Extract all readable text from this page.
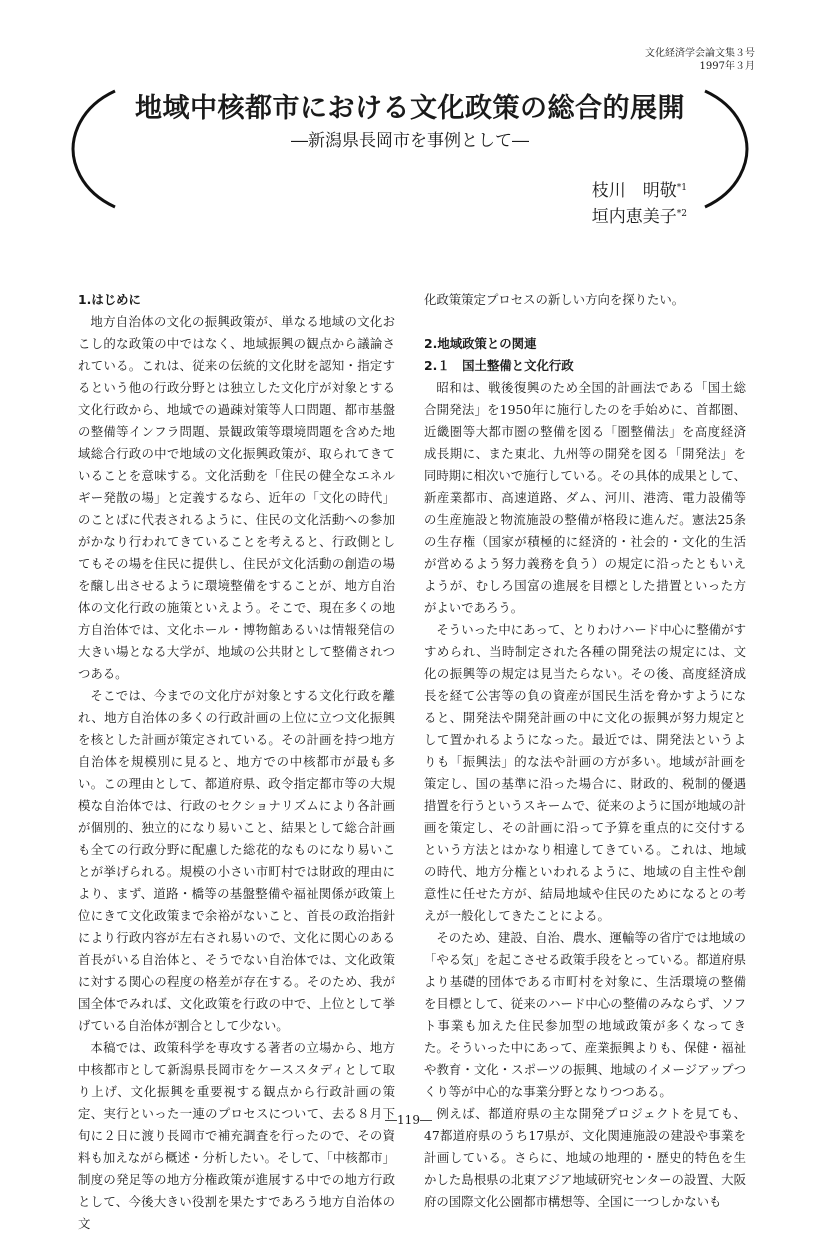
文化経済学会論文集３号
1997年３月
地域中核都市における文化政策の総合的展開
―新潟県長岡市を事例として―
枝川　明敬$^{*1}$
垣内恵美子$^{*2}$
1.はじめに

地方自治体の文化の振興政策が、単なる地域の文化おこし的な政策の中ではなく、地域振興の観点から議論されている。これは、従来の伝統的文化財を認知・指定するという他の行政分野とは独立した文化庁が対象とする文化行政から、地域での過疎対策等人口問題、都市基盤の整備等インフラ問題、景観政策等環境問題を含めた地域総合行政の中で地域の文化振興政策が、取られてきていることを意味する。文化活動を「住民の健全なエネルギー発散の場」と定義するなら、近年の「文化の時代」のことばに代表されるように、住民の文化活動への参加がかなり行われてきていることを考えると、行政側としてもその場を住民に提供し、住民が文化活動の創造の場を醸し出させるように環境整備をすることが、地方自治体の文化行政の施策といえよう。そこで、現在多くの地方自治体では、文化ホール・博物館あるいは情報発信の大きい場となる大学が、地域の公共財として整備されつつある。

そこでは、今までの文化庁が対象とする文化行政を離れ、地方自治体の多くの行政計画の上位に立つ文化振興を核とした計画が策定されている。その計画を持つ地方自治体を規模別に見ると、地方での中核都市が最も多い。この理由として、都道府県、政令指定都市等の大規模な自治体では、行政のセクショナリズムにより各計画が個別的、独立的になり易いこと、結果として総合計画も全ての行政分野に配慮した総花的なものになり易いことが挙げられる。規模の小さい市町村では財政的理由により、まず、道路・橋等の基盤整備や福祉関係が政策上位にきて文化政策まで余裕がないこと、首長の政治指針により行政内容が左右され易いので、文化に関心のある首長がいる自治体と、そうでない自治体では、文化政策に対する関心の程度の格差が存在する。そのため、我が国全体でみれば、文化政策を行政の中で、上位として挙げている自治体が割合として少ない。

本稿では、政策科学を専攻する著者の立場から、地方中核都市として新潟県長岡市をケーススタディとして取り上げ、文化振興を重要視する観点から行政計画の策定、実行といった一連のプロセスについて、去る８月下旬に２日に渡り長岡市で補充調査を行ったので、その資料も加えながら概述・分析したい。そして、「中核都市」制度の発足等の地方分権政策が進展する中での地方行政として、今後大きい役割を果たすであろう地方自治体の文

化政策策定プロセスの新しい方向を探りたい。

2.地域政策との関連
2.１　国土整備と文化行政

昭和は、戦後復興のため全国的計画法である「国土総合開発法」を1950年に施行したのを手始めに、首都圏、近畿圏等大都市圏の整備を図る「圏整備法」を高度経済成長期に、また東北、九州等の開発を図る「開発法」を同時期に相次いで施行している。その具体的成果として、新産業都市、高速道路、ダム、河川、港湾、電力設備等の生産施設と物流施設の整備が格段に進んだ。憲法25条の生存権（国家が積極的に経済的・社会的・文化的生活が営めるよう努力義務を負う）の規定に沿ったともいえようが、むしろ国富の進展を目標とした措置といった方がよいであろう。

そういった中にあって、とりわけハード中心に整備がすすめられ、当時制定された各種の開発法の規定には、文化の振興等の規定は見当たらない。その後、高度経済成長を経て公害等の負の資産が国民生活を脅かすようになると、開発法や開発計画の中に文化の振興が努力規定として置かれるようになった。最近では、開発法というよりも「振興法」的な法や計画の方が多い。地域が計画を策定し、国の基準に沿った場合に、財政的、税制的優遇措置を行うというスキームで、従来のように国が地域の計画を策定し、その計画に沿って予算を重点的に交付するという方法とはかなり相違してきている。これは、地域の時代、地方分権といわれるように、地域の自主性や創意性に任せた方が、結局地域や住民のためになるとの考えが一般化してきたことによる。

そのため、建設、自治、農水、運輸等の省庁では地域の「やる気」を起こさせる政策手段をとっている。都道府県より基礎的団体である市町村を対象に、生活環境の整備を目標として、従来のハード中心の整備のみならず、ソフト事業も加えた住民参加型の地域政策が多くなってきた。そういった中にあって、産業振興よりも、保健・福祉や教育・文化・スポーツの振興、地域のイメージアップつくり等が中心的な事業分野となりつつある。

例えば、都道府県の主な開発プロジェクトを見ても、47都道府県のうち17県が、文化関連施設の建設や事業を計画している。さらに、地域の地理的・歴史的特色を生かした島根県の北東アジア地域研究センターの設置、大阪府の国際文化公園都市構想等、全国に一つしかないも

―119―
